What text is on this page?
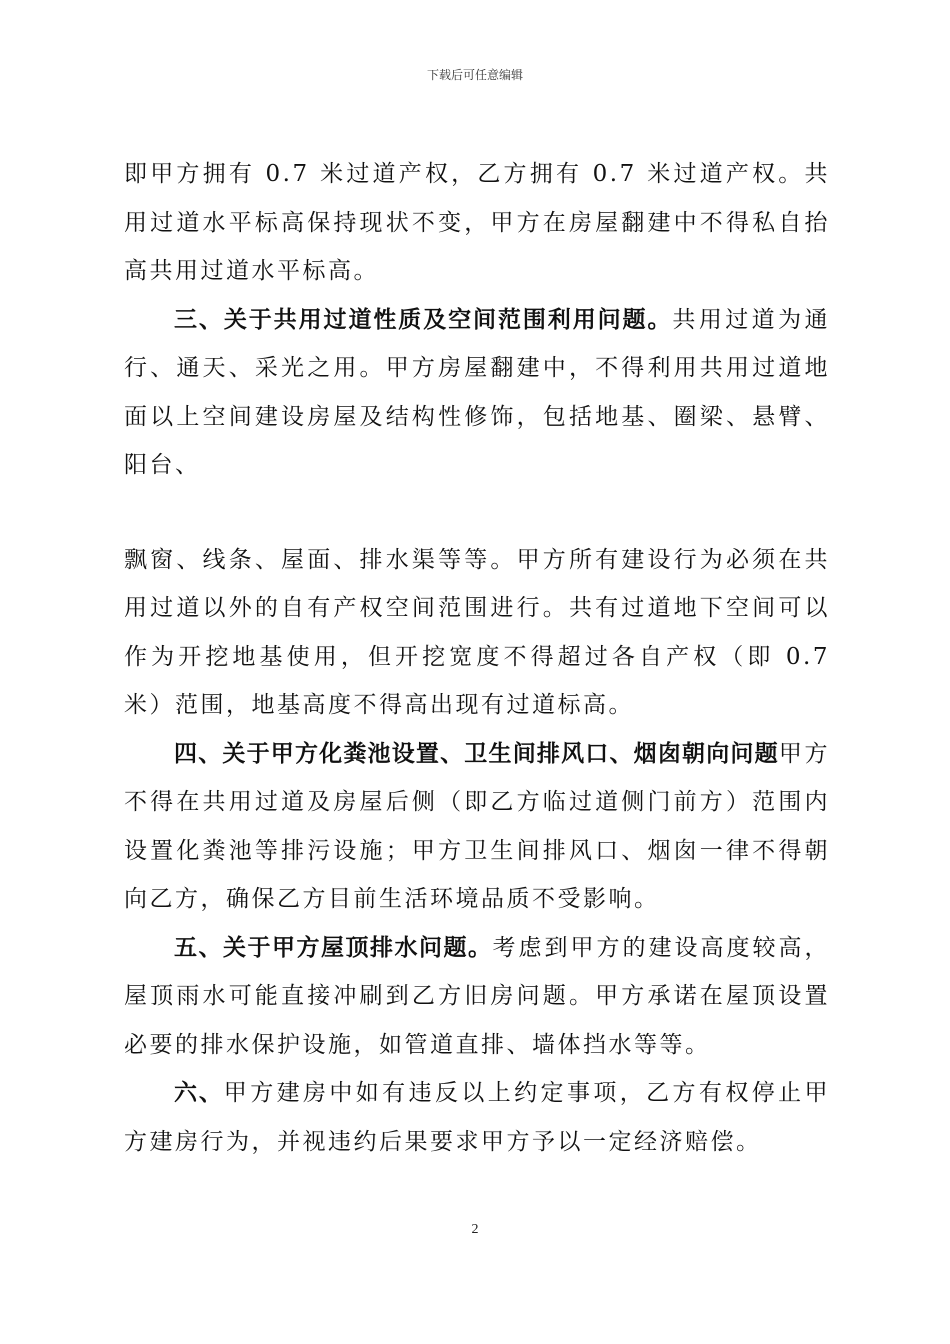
下载后可任意编辑

即甲方拥有 0.7 米过道产权，乙方拥有 0.7 米过道产权。共用过道水平标高保持现状不变，甲方在房屋翻建中不得私自抬高共用过道水平标高。

三、关于共用过道性质及空间范围利用问题。共用过道为通行、通天、采光之用。甲方房屋翻建中，不得利用共用过道地面以上空间建设房屋及结构性修饰，包括地基、圈梁、悬臂、阳台、

飘窗、线条、屋面、排水渠等等。甲方所有建设行为必须在共用过道以外的自有产权空间范围进行。共有过道地下空间可以作为开挖地基使用，但开挖宽度不得超过各自产权（即 0.7 米）范围，地基高度不得高出现有过道标高。

四、关于甲方化粪池设置、卫生间排风口、烟囱朝向问题甲方不得在共用过道及房屋后侧（即乙方临过道侧门前方）范围内设置化粪池等排污设施；甲方卫生间排风口、烟囱一律不得朝向乙方，确保乙方目前生活环境品质不受影响。

五、关于甲方屋顶排水问题。考虑到甲方的建设高度较高，屋顶雨水可能直接冲刷到乙方旧房问题。甲方承诺在屋顶设置必要的排水保护设施，如管道直排、墙体挡水等等。

六、甲方建房中如有违反以上约定事项，乙方有权停止甲方建房行为，并视违约后果要求甲方予以一定经济赔偿。

2
